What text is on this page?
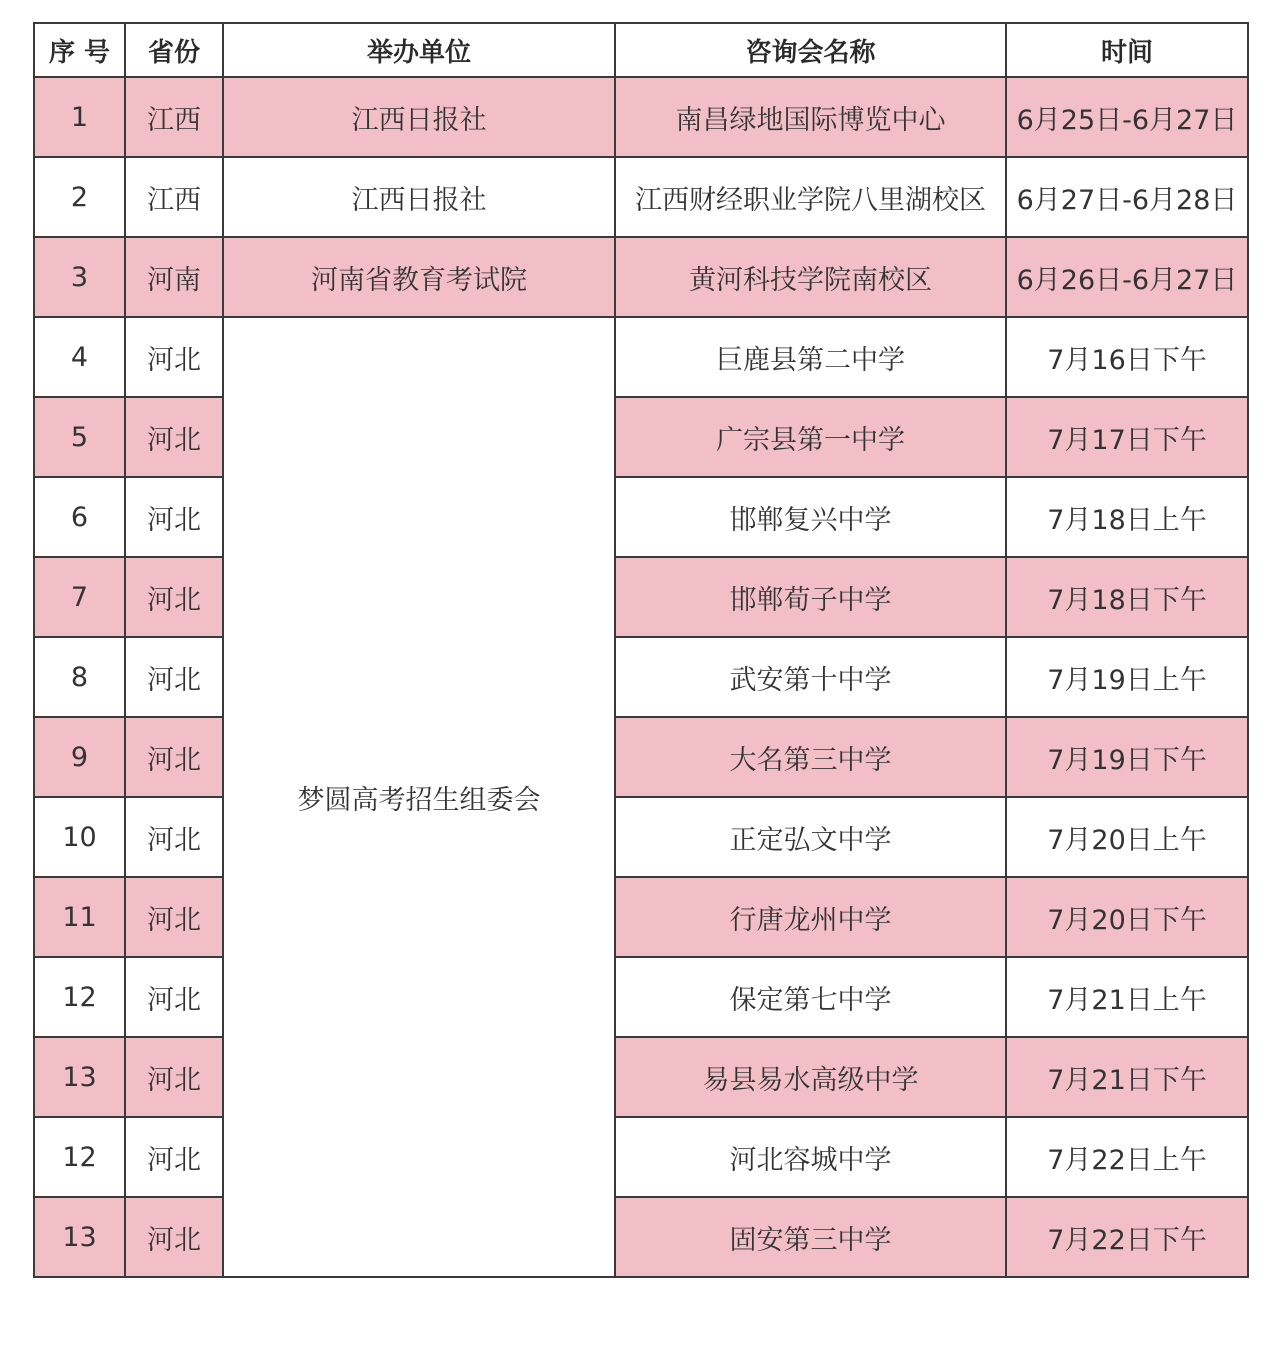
序 号	省份	举办单位	咨询会名称	时间
1	江西	江西日报社	南昌绿地国际博览中心	6月25日-6月27日
2	江西	江西日报社	江西财经职业学院八里湖校区	6月27日-6月28日
3	河南	河南省教育考试院	黄河科技学院南校区	6月26日-6月27日
4	河北	梦圆高考招生组委会	巨鹿县第二中学	7月16日下午
5	河北		广宗县第一中学	7月17日下午
6	河北		邯郸复兴中学	7月18日上午
7	河北		邯郸荀子中学	7月18日下午
8	河北		武安第十中学	7月19日上午
9	河北		大名第三中学	7月19日下午
10	河北		正定弘文中学	7月20日上午
11	河北		行唐龙州中学	7月20日下午
12	河北		保定第七中学	7月21日上午
13	河北		易县易水高级中学	7月21日下午
12	河北		河北容城中学	7月22日上午
13	河北		固安第三中学	7月22日下午
